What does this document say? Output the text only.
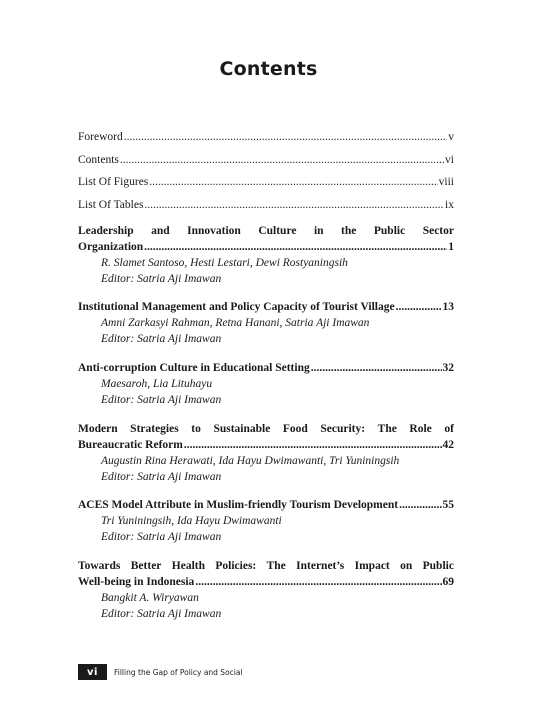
Contents
Foreword .....	v
Contents .....	vi
List Of Figures .....	viii
List Of Tables .....	ix
Leadership and Innovation Culture in the Public Sector
Organization .....	1
R. Slamet Santoso, Hesti Lestari, Dewi Rostyaningsih
Editor: Satria Aji Imawan
Institutional Management and Policy Capacity of Tourist Village .....	13
Amni Zarkasyi Rahman, Retna Hanani, Satria Aji Imawan
Editor: Satria Aji Imawan
Anti-corruption Culture in Educational Setting .....	32
Maesaroh, Lia Lituhayu
Editor: Satria Aji Imawan
Modern Strategies to Sustainable Food Security: The Role of
Bureaucratic Reform .....	42
Augustin Rina Herawati, Ida Hayu Dwimawanti, Tri Yuniningsih
Editor: Satria Aji Imawan
ACES Model Attribute in Muslim-friendly Tourism Development .....	55
Tri Yuniningsih, Ida Hayu Dwimawanti
Editor: Satria Aji Imawan
Towards Better Health Policies: The Internet’s Impact on Public
Well-being in Indonesia .....	69
Bangkit A. Wiryawan
Editor: Satria Aji Imawan
vi	Filling the Gap of Policy and Social
